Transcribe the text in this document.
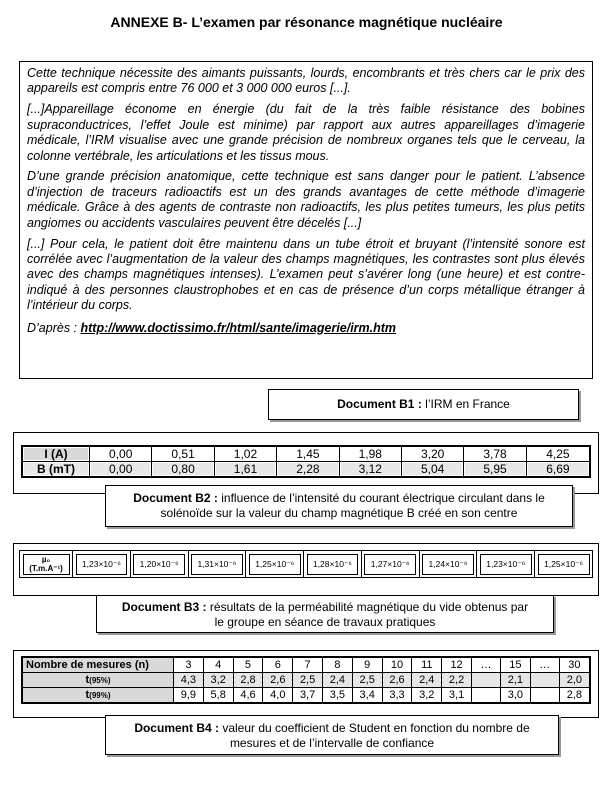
ANNEXE B- L’examen par résonance magnétique nucléaire

Cette technique nécessite des aimants puissants, lourds, encombrants et très chers car le prix des appareils est compris entre 76 000 et 3 000 000 euros [...].

[...]Appareillage économe en énergie (du fait de la très faible résistance des bobines supraconductrices, l’effet Joule est minime) par rapport aux autres appareillages d’imagerie médicale, l’IRM visualise avec une grande précision de nombreux organes tels que le cerveau, la colonne vertébrale, les articulations et les tissus mous.

D’une grande précision anatomique, cette technique est sans danger pour le patient. L’absence d’injection de traceurs radioactifs est un des grands avantages de cette méthode d’imagerie médicale. Grâce à des agents de contraste non radioactifs, les plus petites tumeurs, les plus petits angiomes ou accidents vasculaires peuvent être décelés [...]

[...] Pour cela, le patient doit être maintenu dans un tube étroit et bruyant (l’intensité sonore est corrélée avec l’augmentation de la valeur des champs magnétiques, les contrastes sont plus élevés avec des champs magnétiques intenses). L’examen peut s’avérer long (une heure) et est contre-indiqué à des personnes claustrophobes et en cas de présence d’un corps métallique étranger à l’intérieur du corps.

D’après : http://www.doctissimo.fr/html/sante/imagerie/irm.htm

Document B1 : l’IRM en France
I (A)	0,00	0,51	1,02	1,45	1,98	3,20	3,78	4,25
B (mT)	0,00	0,80	1,61	2,28	3,12	5,04	5,95	6,69
Document B2 : influence de l’intensité du courant électrique circulant dans le
solénoïde sur la valeur du champ magnétique B créé en son centre
µ₀
(T.m.A⁻¹)	1,23×10⁻⁶	1,20×10⁻⁶	1,31×10⁻⁶	1,25×10⁻⁶	1,28×10⁻⁶	1,27×10⁻⁶	1,24×10⁻⁶	1,23×10⁻⁶	1,25×10⁻⁶
Document B3 : résultats de la perméabilité magnétique du vide obtenus par
le groupe en séance de travaux pratiques
Nombre de mesures (n)	3	4	5	6	7	8	9	10	11	12	…	15	…	30
t(95%)	4,3	3,2	2,8	2,6	2,5	2,4	2,5	2,6	2,4	2,2		2,1		2,0
t(99%)	9,9	5,8	4,6	4,0	3,7	3,5	3,4	3,3	3,2	3,1		3,0		2,8
Document B4 : valeur du coefficient de Student en fonction du nombre de
mesures et de l’intervalle de confiance
